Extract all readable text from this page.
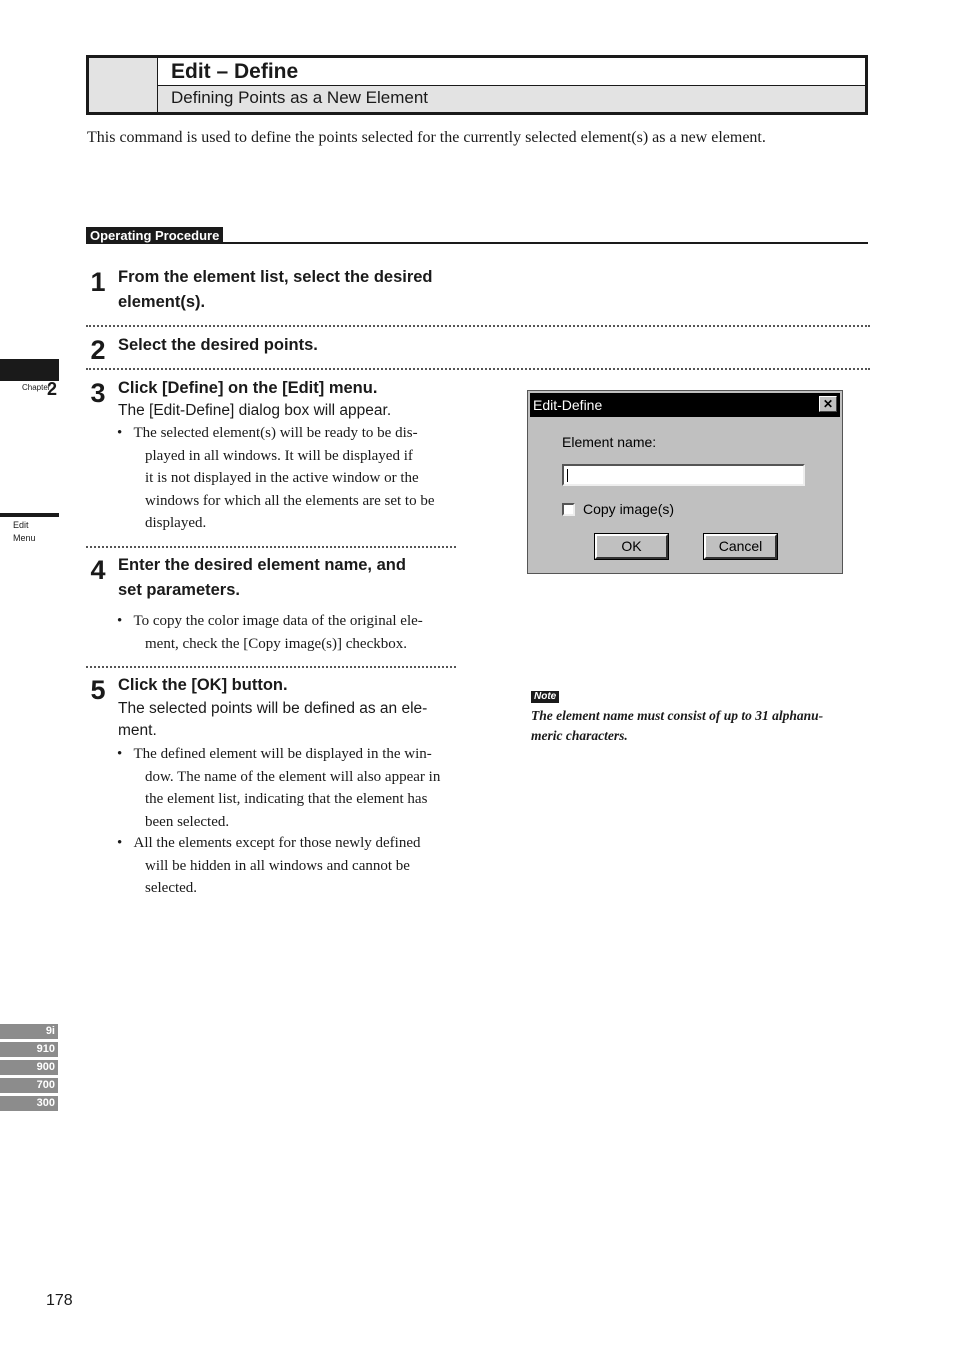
Edit – Define
Defining Points as a New Element
This command is used to define the points selected for the currently selected element(s) as a new element.
Operating Procedure
1 From the element list, select the desired
element(s).
2 Select the desired points.
3 Click [Define] on the [Edit] menu.
The [Edit-Define] dialog box will appear.
•   The selected element(s) will be ready to be dis-
played in all windows. It will be displayed if
it is not displayed in the active window or the
windows for which all the elements are set to be
displayed.
4 Enter the desired element name, and
set parameters.
•   To copy the color image data of the original ele-
ment, check the [Copy image(s)] checkbox.
5 Click the [OK] button.
The selected points will be defined as an ele-
ment.
•   The defined element will be displayed in the win-
dow. The name of the element will also appear in
the element list, indicating that the element has
been selected.
•   All the elements except for those newly defined
will be hidden in all windows and cannot be
selected.
Edit-Define	✕
Element name:
Copy image(s)
OK	Cancel
Note
The element name must consist of up to 31 alphanu-
meric characters.
Chapter
2
Edit
Menu
9i
910
900
700
300
178
